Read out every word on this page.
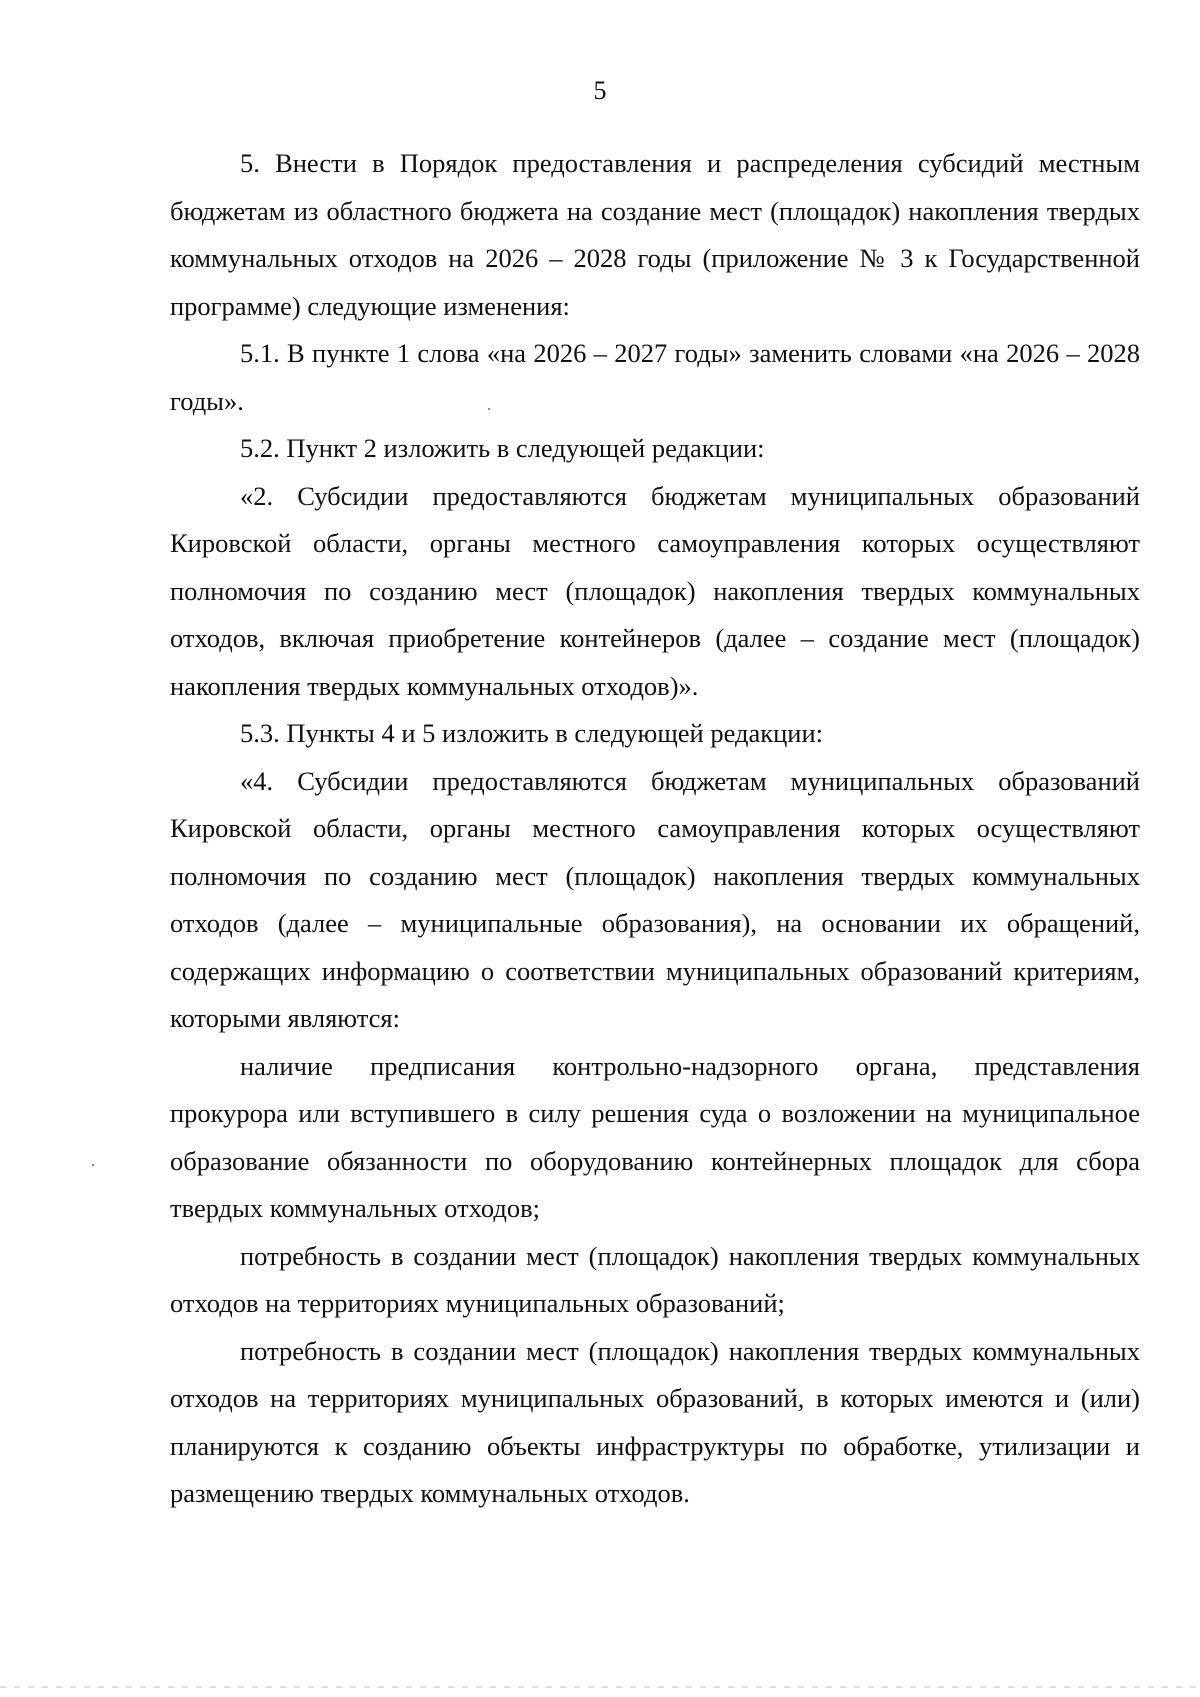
5

5. Внести в Порядок предоставления и распределения субсидий местным бюджетам из областного бюджета на создание мест (площадок) накопления твердых коммунальных отходов на 2026 – 2028 годы (приложение № 3 к Государственной программе) следующие изменения:

5.1. В пункте 1 слова «на 2026 – 2027 годы» заменить словами «на 2026 – 2028 годы».

5.2. Пункт 2 изложить в следующей редакции:

«2. Субсидии предоставляются бюджетам муниципальных образований Кировской области, органы местного самоуправления которых осуществляют полномочия по созданию мест (площадок) накопления твердых коммунальных отходов, включая приобретение контейнеров (далее – создание мест (площадок) накопления твердых коммунальных отходов)».

5.3. Пункты 4 и 5 изложить в следующей редакции:

«4. Субсидии предоставляются бюджетам муниципальных образований Кировской области, органы местного самоуправления которых осуществляют полномочия по созданию мест (площадок) накопления твердых коммунальных отходов (далее – муниципальные образования), на основании их обращений, содержащих информацию о соответствии муниципальных образований критериям, которыми являются:

наличие предписания контрольно-надзорного органа, представления прокурора или вступившего в силу решения суда о возложении на муниципальное образование обязанности по оборудованию контейнерных площадок для сбора твердых коммунальных отходов;

потребность в создании мест (площадок) накопления твердых коммунальных отходов на территориях муниципальных образований;

потребность в создании мест (площадок) накопления твердых коммунальных отходов на территориях муниципальных образований, в которых имеются и (или) планируются к созданию объекты инфраструктуры по обработке, утилизации и размещению твердых коммунальных отходов.
